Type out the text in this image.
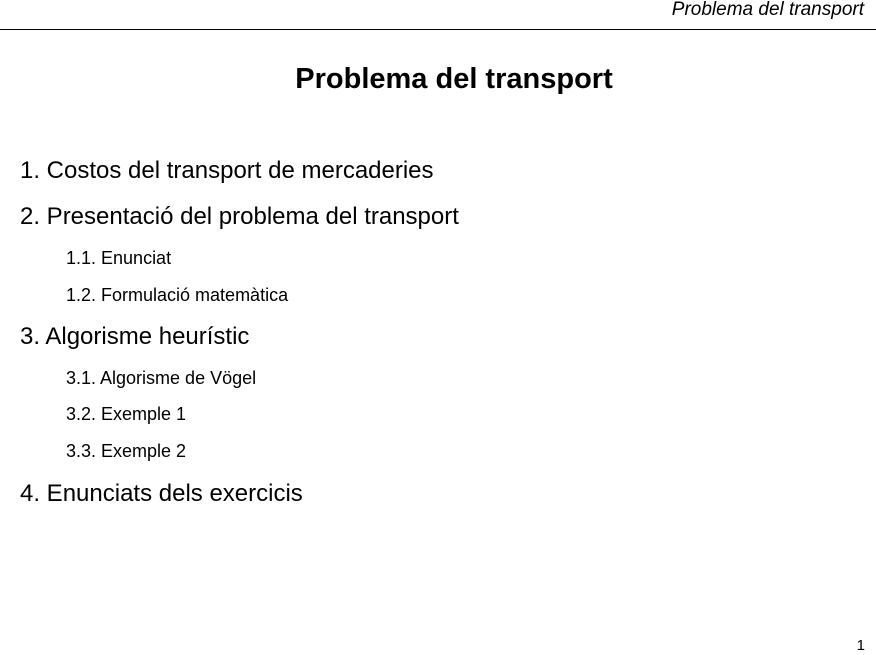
Problema del transport
Problema del transport
1. Costos del transport de mercaderies
2. Presentació del problema del transport
1.1. Enunciat
1.2. Formulació matemàtica
3. Algorisme heurístic
3.1. Algorisme de Vögel
3.2. Exemple 1
3.3. Exemple 2
4. Enunciats dels exercicis
1
